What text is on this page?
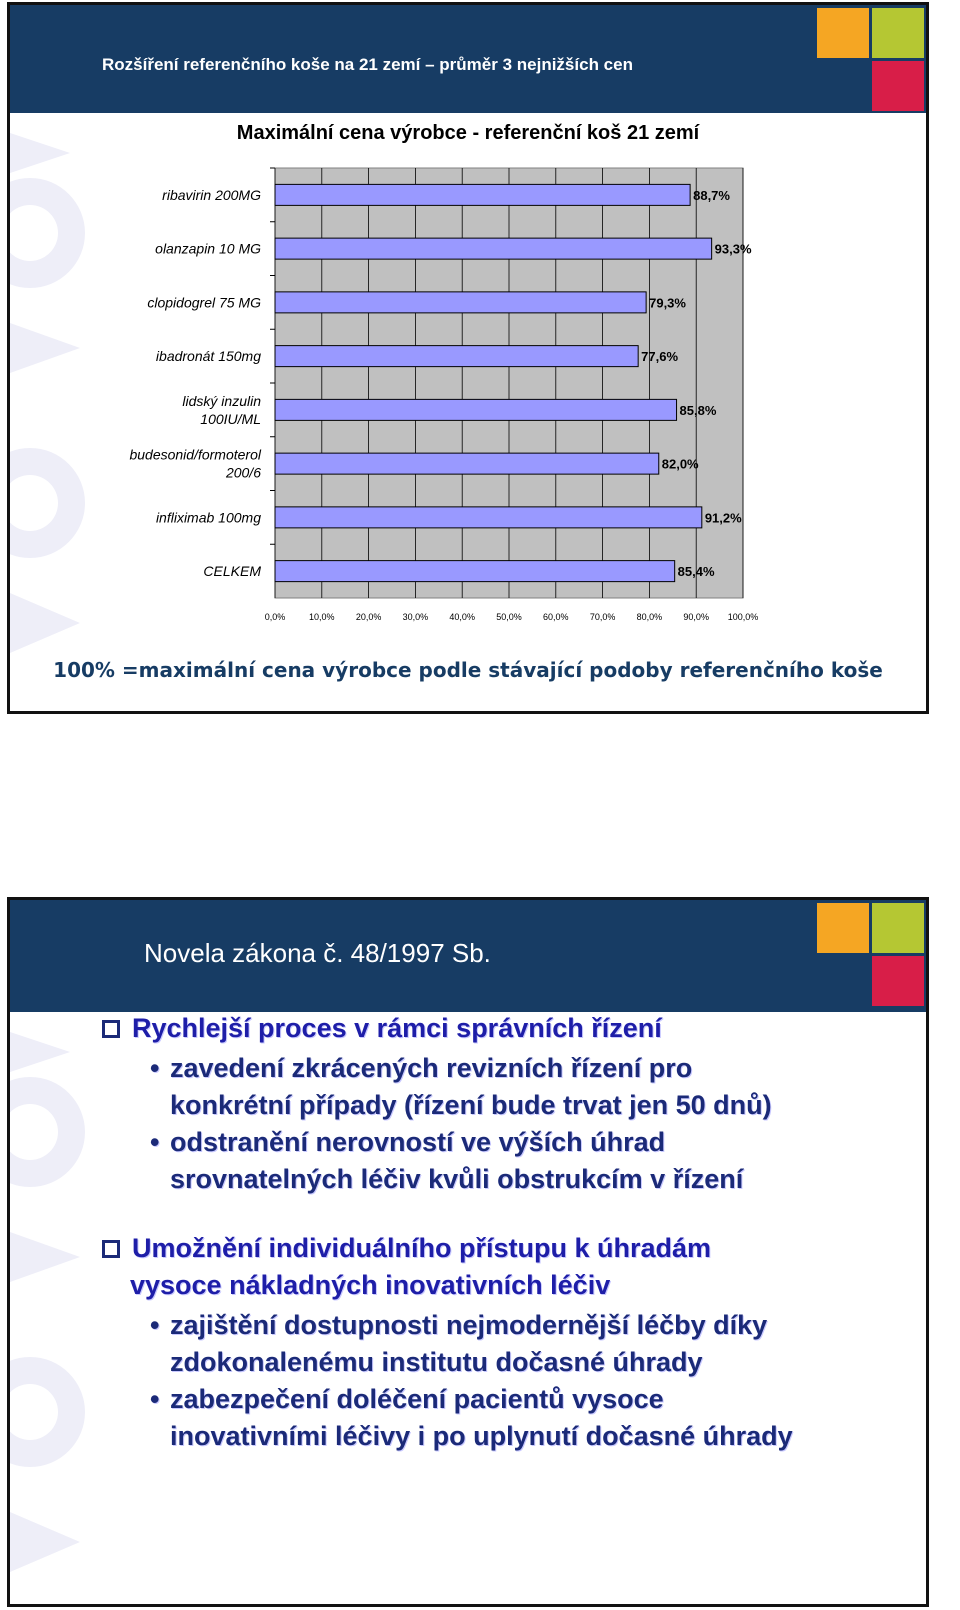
Rozšíření referenčního koše na 21 zemí – průměr 3 nejnižších cen
Maximální cena výrobce - referenční koš 21 zemí
0,0%	10,0% 20,0% 30,0% 40,0% 50,0% 60,0% 70,0% 80,0% 90,0% 100,0%
88,7%
ribavirin 200MG
93,3%
olanzapin 10 MG
79,3%
clopidogrel 75 MG
77,6%
ibadronát 150mg
85,8%
lidský inzulin
100IU/ML
82,0%
budesonid/formoterol
200/6
91,2%
infliximab 100mg
85,4%
CELKEM
100% =maximální cena výrobce podle stávající podoby referenčního koše
Novela zákona č. 48/1997 Sb.
Rychlejší proces v rámci správních řízení
• zavedení zkrácených revizních řízení pro
konkrétní případy (řízení bude trvat jen 50 dnů)
• odstranění nerovností ve výších úhrad
srovnatelných léčiv kvůli obstrukcím v řízení
Umožnění individuálního přístupu k úhradám
vysoce nákladných inovativních léčiv
• zajištění dostupnosti nejmodernější léčby díky
zdokonalenému institutu dočasné úhrady
• zabezpečení doléčení pacientů vysoce
inovativními léčivy i po uplynutí dočasné úhrady
